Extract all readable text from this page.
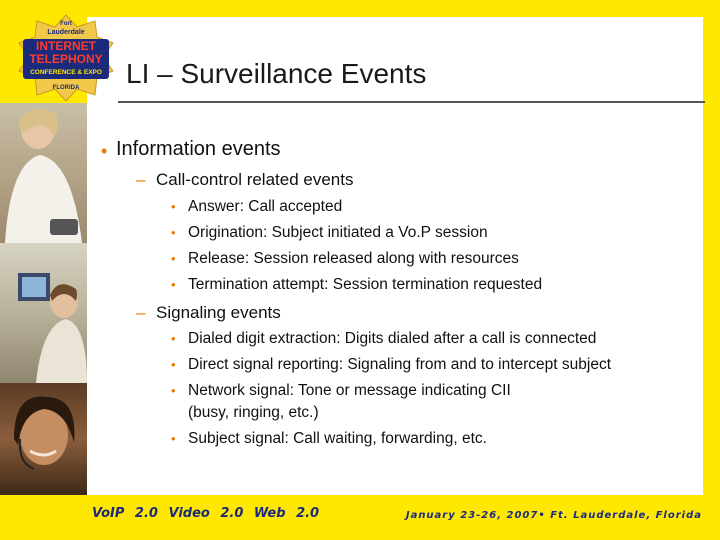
Fort
Lauderdale
INTERNET
TELEPHONY
CONFERENCE & EXPO
FLORIDA LI – Surveillance Events
• Information events
– Call-control related events
• Answer: Call accepted
• Origination: Subject initiated a Vo.P session
• Release: Session released along with resources
• Termination attempt: Session termination requested
– Signaling events
• Dialed digit extraction: Digits dialed after a call is connected
• Direct signal reporting: Signaling from and to intercept subject
• Network signal: Tone or message indicating CII
(busy, ringing, etc.)
• Subject signal: Call waiting, forwarding, etc.
VoIP 2.0 Video 2.0 Web 2.0	January 23-26, 2007• Ft. Lauderdale, Florida
